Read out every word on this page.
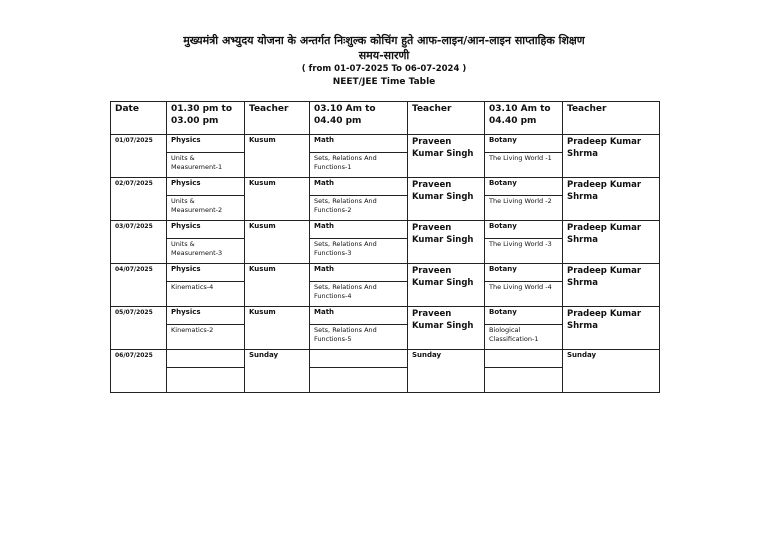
मुख्यमंत्री अभ्युदय योजना के अन्तर्गत निःशुल्क कोचिंग हुते आफ-लाइन/आन-लाइन साप्ताहिक शिक्षण
समय-सारणी
( from 01-07-2025 To 06-07-2024 )
NEET/JEE Time Table
Date	01.30 pm to 03.00 pm	Teacher	03.10 Am to 04.40 pm	Teacher	03.10 Am to 04.40 pm	Teacher
01/07/2025	Physics	Kusum	Math	Praveen Kumar Singh	Botany	Pradeep Kumar Shrma
	Units & Measurement-1		Sets, Relations And Functions-1		The Living World -1	
02/07/2025	Physics	Kusum	Math	Praveen Kumar Singh	Botany	Pradeep Kumar Shrma
	Units & Measurement-2		Sets, Relations And Functions-2		The Living World -2	
03/07/2025	Physics	Kusum	Math	Praveen Kumar Singh	Botany	Pradeep Kumar Shrma
	Units & Measurement-3		Sets, Relations And Functions-3		The Living World -3	
04/07/2025	Physics	Kusum	Math	Praveen Kumar Singh	Botany	Pradeep Kumar Shrma
	Kinematics-4		Sets, Relations And Functions-4		The Living World -4	
05/07/2025	Physics	Kusum	Math	Praveen Kumar Singh	Botany	Pradeep Kumar Shrma
	Kinematics-2		Sets, Relations And Functions-5		Biological Classification-1	
06/07/2025		Sunday		Sunday		Sunday
